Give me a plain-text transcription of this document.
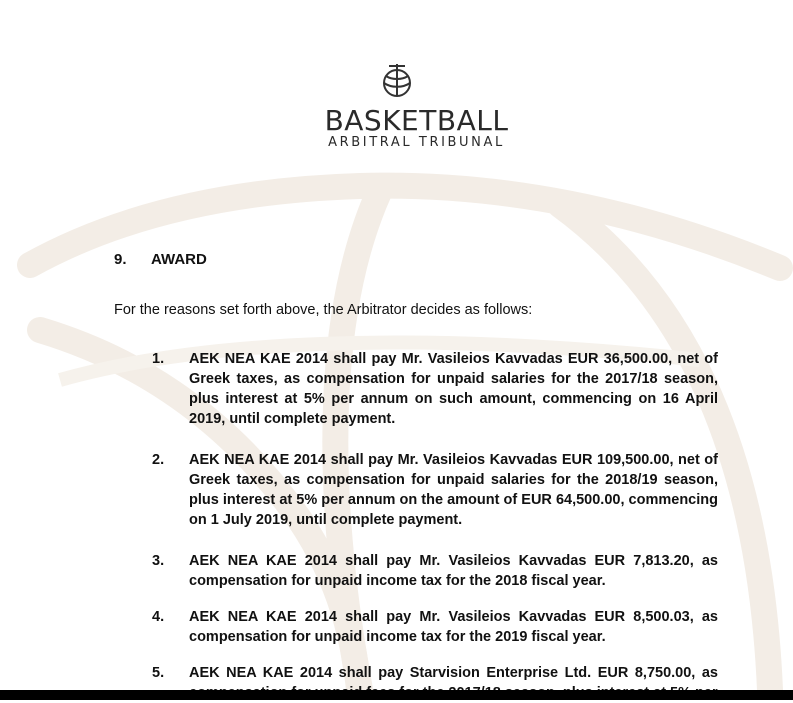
BASKETBALL
ARBITRAL TRIBUNAL
9. AWARD
For the reasons set forth above, the Arbitrator decides as follows:
1. AEK NEA KAE 2014 shall pay Mr. Vasileios Kavvadas EUR 36,500.00, net of Greek taxes, as compensation for unpaid salaries for the 2017/18 season, plus interest at 5% per annum on such amount, commencing on 16 April 2019, until complete payment.
2. AEK NEA KAE 2014 shall pay Mr. Vasileios Kavvadas EUR 109,500.00, net of Greek taxes, as compensation for unpaid salaries for the 2018/19 season, plus interest at 5% per annum on the amount of EUR 64,500.00, commencing on 1 July 2019, until complete payment.
3. AEK NEA KAE 2014 shall pay Mr. Vasileios Kavvadas EUR 7,813.20, as compensation for unpaid income tax for the 2018 fiscal year.
4. AEK NEA KAE 2014 shall pay Mr. Vasileios Kavvadas EUR 8,500.03, as compensation for unpaid income tax for the 2019 fiscal year.
5. AEK NEA KAE 2014 shall pay Starvision Enterprise Ltd. EUR 8,750.00, as
